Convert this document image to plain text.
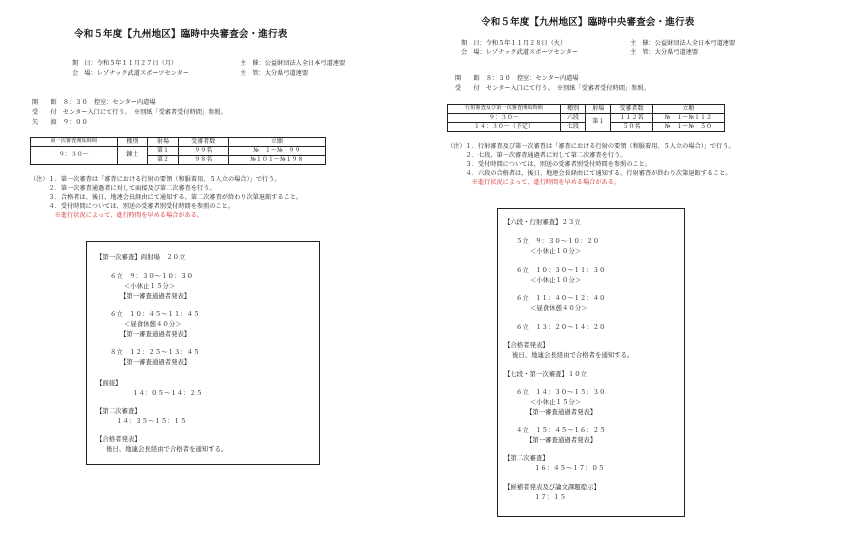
令和５年度【九州地区】臨時中央審査会・進行表
期　日：令和５年１１月２７日（月）	主　催：公益財団法人全日本弓道連盟
会　場：レゾナック武道スポーツセンター	主　管：大分県弓道連盟
開　　館　８：３０　控室：センター内道場
受　　付　センター入口にて行う。　※別紙「受審者受付時間」参照。
矢　　渡　９：００
第一次審査開始時間	種別	射場	受審者数	立順
９：３０～	錬士	第１	９９名	№　１～№　９９
		第２	９８名	№１０１～№１９８
（注）１．第一次審査は「審査における行射の要領（和服着用、５人立の場合）」で行う。
　　　２．第一次審査通過者に対して面接及び第二次審査を行う。
　　　３．合格者は、後日、地連会長経由にて通知する。第二次審査が終わり次第退館すること。
　　　４．受付時間については、別送の受審者別受付時間を参照のこと。
　　　　※進行状況によって、進行時間を早める場合がある。
【第一次審査】両射場　２０立
６立　９：３０～１０：３０
＜小休止１５分＞
【第一審査通過者発表】
６立　１０：４５～１１：４５
＜昼食休憩４０分＞
【第一審査通過者発表】
８立　１２：２５～１３：４５
【第一審査通過者発表】
【面接】
１４：０５～１４：２５
【第二次審査】
１４：３５～１５：１５
【合格者発表】
後日、地連会長経由で合格者を通知する。
令和５年度【九州地区】臨時中央審査会・進行表
期　日：令和５年１１月２８日（火）	主　催：公益財団法人全日本弓道連盟
会　場：レゾナック武道スポーツセンター	主　管：大分県弓道連盟
開　　館　８：３０　控室：センター内道場
受　　付　センター入口にて行う。　※別紙「受審者受付時間」参照。
行射審査及び第一次審査開始時間	種別	射場	受審者数	立順
９：３０～	六段	第１	１１２名	№　１～№１１２
１４：３０～（予定）	七段		５０名	№　１～№　５０
（注）１．行射審査及び第一次審査は「審査における行射の要領（和服着用、５人立の場合）」で行う。
　　　２．七段、第一次審査通過者に対して第二次審査を行う。
　　　３．受付時間については、別送の受審者別受付時間を参照のこと。
　　　４．六段の合格者は、後日、地連会長経由にて通知する。行射審査が終わり次第退館すること。
　　　　※進行状況によって、進行時間を早める場合がある。
【六段・行射審査】２３立
５立　９：３０～１０：２０
＜小休止１０分＞
６立　１０：３０～１１：３０
＜小休止１０分＞
６立　１１：４０～１２：４０
＜昼食休憩４０分＞
６立　１３：２０～１４：２０
【合格者発表】
後日、地連会長経由で合格者を通知する。
【七段・第一次審査】１０立
６立　１４：３０～１５：３０
＜小休止１５分＞
【第一審査通過者発表】
４立　１５：４５～１６：２５
【第一審査通過者発表】
【第二次審査】
１６：４５～１７：０５
【候補者発表及び論文課題提示】
１７：１５
